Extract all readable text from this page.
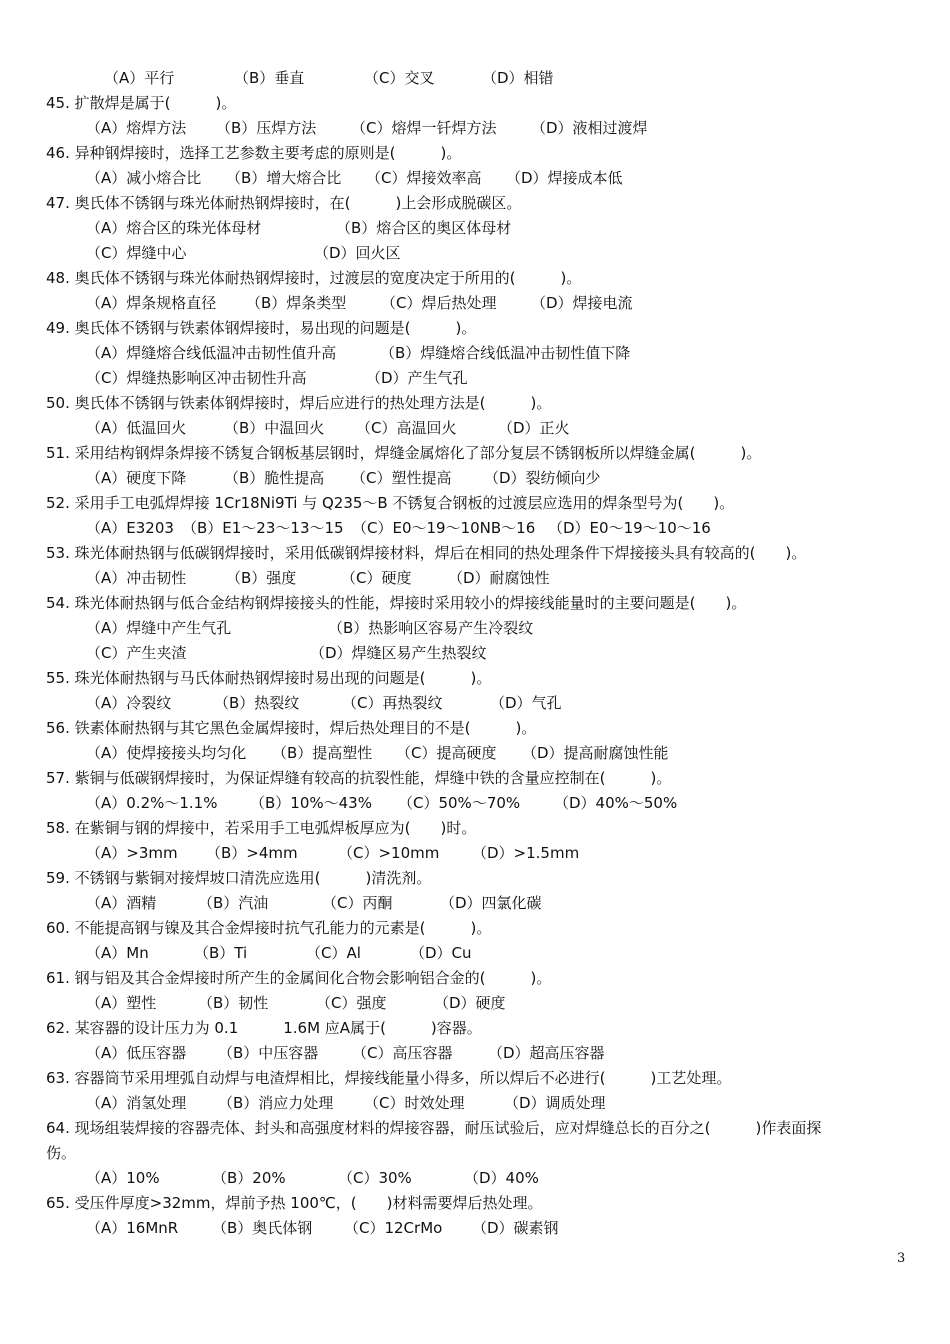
（A）平行	（B）垂直	（C）交叉	（D）相错
45. 扩散焊是属于(　　　)。
（A）熔焊方法 （B）压焊方法 （C）熔焊一钎焊方法 （D）液相过渡焊
46. 异种钢焊接时，选择工艺参数主要考虑的原则是(　　　)。
（A）减小熔合比 （B）增大熔合比 （C）焊接效率高 （D）焊接成本低
47. 奥氏体不锈钢与珠光体耐热钢焊接时，在(　　　)上会形成脱碳区。
（A）熔合区的珠光体母材	（B）熔合区的奥区体母材
（C）焊缝中心	（D）回火区
48. 奥氏体不锈钢与珠光体耐热钢焊接时，过渡层的宽度决定于所用的(　　　)。
（A）焊条规格直径 （B）焊条类型 （C）焊后热处理 （D）焊接电流
49. 奥氏体不锈钢与铁素体钢焊接时，易出现的问题是(　　　)。
（A）焊缝熔合线低温冲击韧性值升高	（B）焊缝熔合线低温冲击韧性值下降
（C）焊缝热影响区冲击韧性升高	（D）产生气孔
50. 奥氏体不锈钢与铁素体钢焊接时，焊后应进行的热处理方法是(　　　)。
（A）低温回火	（B）中温回火 （C）高温回火	（D）正火
51. 采用结构钢焊条焊接不锈复合钢板基层钢时，焊缝金属熔化了部分复层不锈钢板所以焊缝金属(　　　)。
（A）硬度下降	（B）脆性提高 （C）塑性提高 （D）裂纺倾向少
52. 采用手工电弧焊焊接 1Cr18Ni9Ti 与 Q235～B 不锈复合钢板的过渡层应选用的焊条型号为(　　)。
（A）E3203 （B）E1～23～13～15 （C）E0～19～10NB～16 （D）E0～19～10～16
53. 珠光体耐热钢与低碳钢焊接时，采用低碳钢焊接材料，焊后在相同的热处理条件下焊接接头具有较高的(　　)。
（A）冲击韧性	（B）强度	（C）硬度 （D）耐腐蚀性
54. 珠光体耐热钢与低合金结构钢焊接接头的性能，焊接时采用较小的焊接线能量时的主要问题是(　　)。
（A）焊缝中产生气孔	（B）热影响区容易产生冷裂纹
（C）产生夹渣	（D）焊缝区易产生热裂纹
55. 珠光体耐热钢与马氏体耐热钢焊接时易出现的问题是(　　　)。
（A）冷裂纹	（B）热裂纹	（C）再热裂纹	（D）气孔
56. 铁素体耐热钢与其它黑色金属焊接时，焊后热处理目的不是(　　　)。
（A）使焊接接头均匀化 （B）提高塑性 （C）提高硬度 （D）提高耐腐蚀性能
57. 紫铜与低碳钢焊接时，为保证焊缝有较高的抗裂性能，焊缝中铁的含量应控制在(　　　)。
（A）0.2%～1.1% （B）10%～43% （C）50%～70% （D）40%～50%
58. 在紫铜与钢的焊接中，若采用手工电弧焊板厚应为(　　)时。
（A）>3mm （B）>4mm	（C）>10mm （D）>1.5mm
59. 不锈钢与紫铜对接焊坡口清洗应选用(　　　)清洗剂。
（A）酒精	（B）汽油	（C）丙酮	（D）四氯化碳
60. 不能提高钢与镍及其合金焊接时抗气孔能力的元素是(　　　)。
（A）Mn	（B）Ti	（C）Al	（D）Cu
61. 钢与铝及其合金焊接时所产生的金属间化合物会影响铝合金的(　　　)。
（A）塑性	（B）韧性	（C）强度	（D）硬度
62. 某容器的设计压力为 0.1　　　1.6M 应A属于(　　　)容器。
（A）低压容器 （B）中压容器 （C）高压容器 （D）超高压容器
63. 容器筒节采用埋弧自动焊与电渣焊相比，焊接线能量小得多，所以焊后不必进行(　　　)工艺处理。
（A）消氢处理 （B）消应力处理 （C）时效处理	（D）调质处理
64. 现场组装焊接的容器壳体、封头和高强度材料的焊接容器，耐压试验后，应对焊缝总长的百分之(　　　)作表面探
伤。
（A）10%	（B）20%	（C）30%	（D）40%
65. 受压件厚度>32mm，焊前予热 100℃，(　　)材料需要焊后热处理。
（A）16MnR （B）奥氏体钢 （C）12CrMo （D）碳素钢
3
